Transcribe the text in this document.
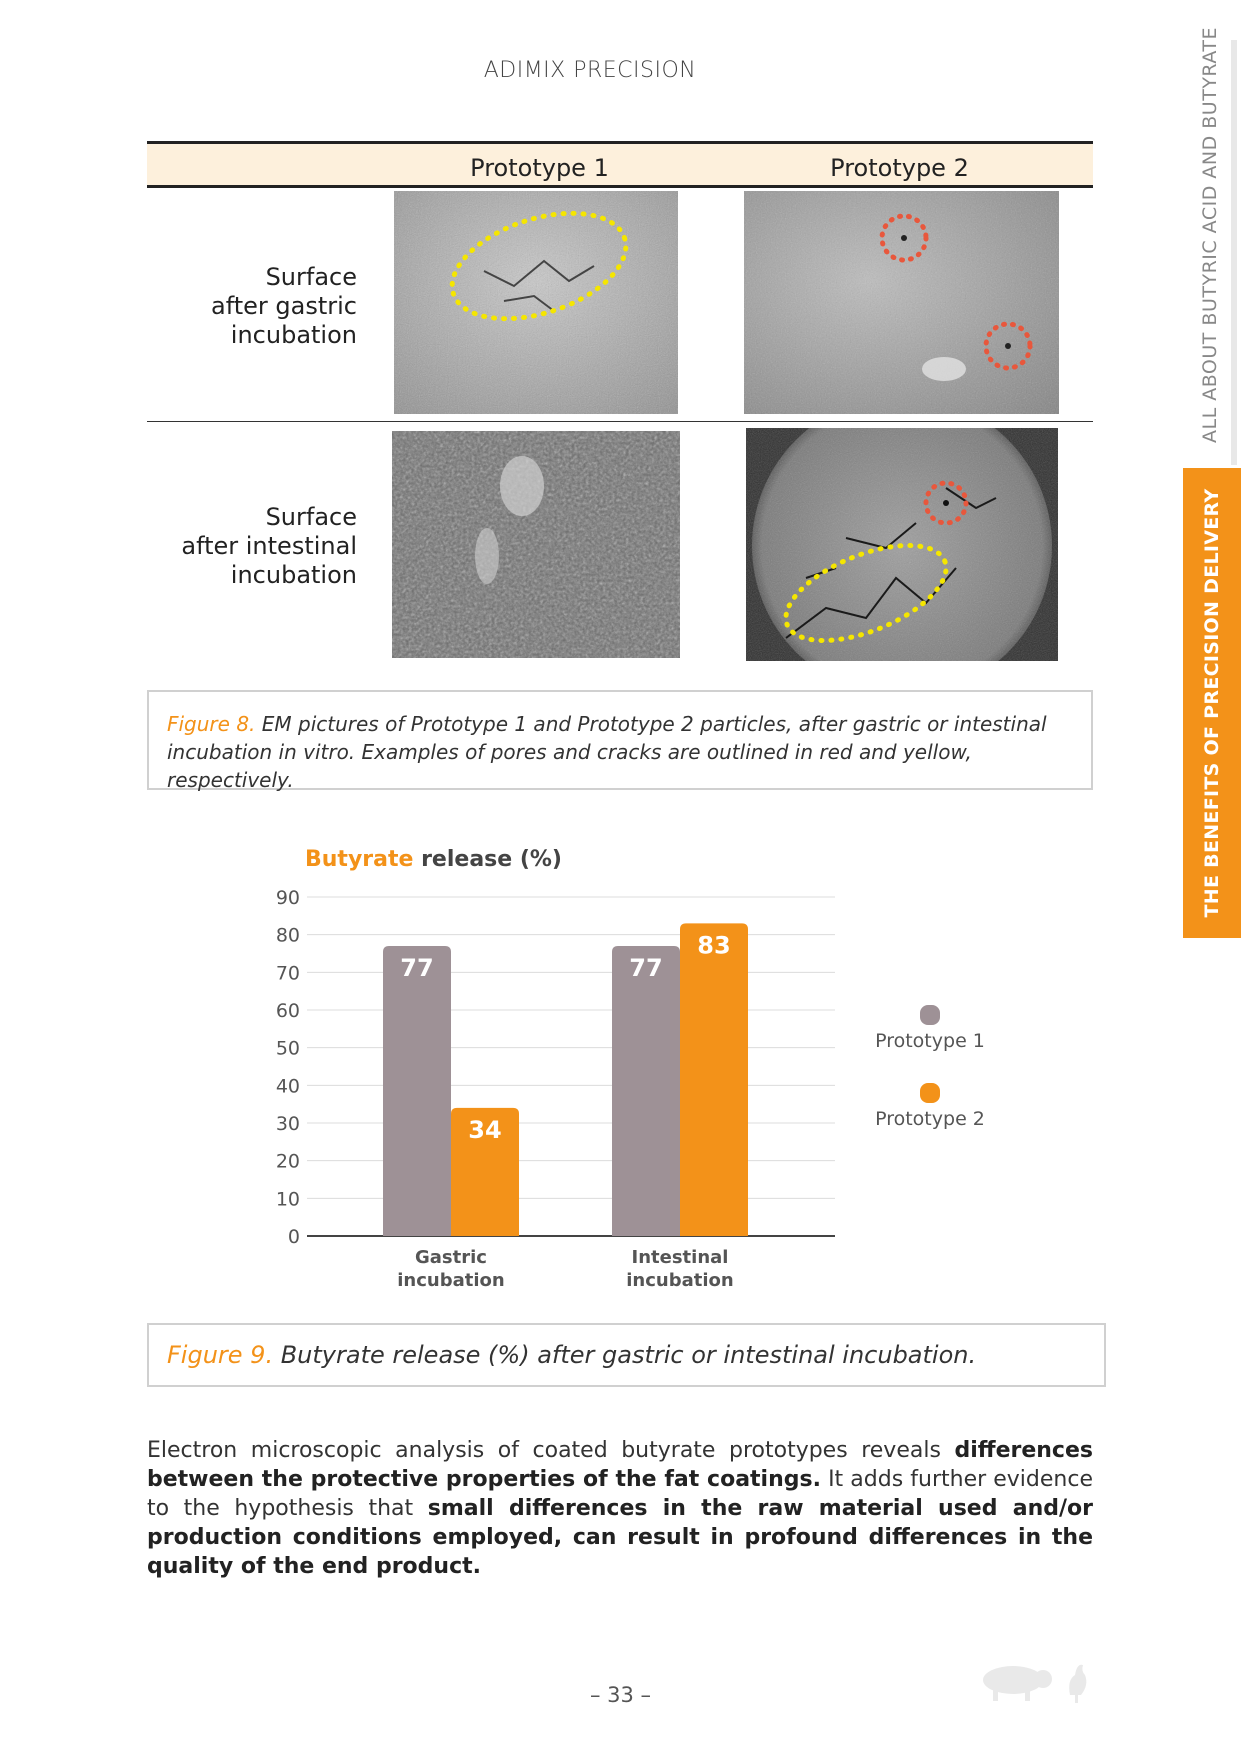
ADIMIX PRECISION	ALL ABOUT BUTYRIC ACID AND BUTYRATE
THE BENEFITS OF PRECISION DELIVERY
Prototype 1	Prototype 2
Surface
after gastric
incubation
Surface
after intestinal
incubation
Figure 8. EM pictures of Prototype 1 and Prototype 2 particles, after gastric or intestinal incubation in vitro. Examples of pores and cracks are outlined in red and yellow, respectively.
Butyrate release (%)
0
10
20
30
40
50
60
70
80
90
77
34
Gastric
incubation
77
83
Intestinal
incubation
Prototype 1
Prototype 2
Figure 9. Butyrate release (%) after gastric or intestinal incubation.
Electron microscopic analysis of coated butyrate prototypes reveals differences between the protective properties of the fat coatings. It adds further evidence to the hypothesis that small differences in the raw material used and/or production conditions employed, can result in profound differences in the quality of the end product.
– 33 –
